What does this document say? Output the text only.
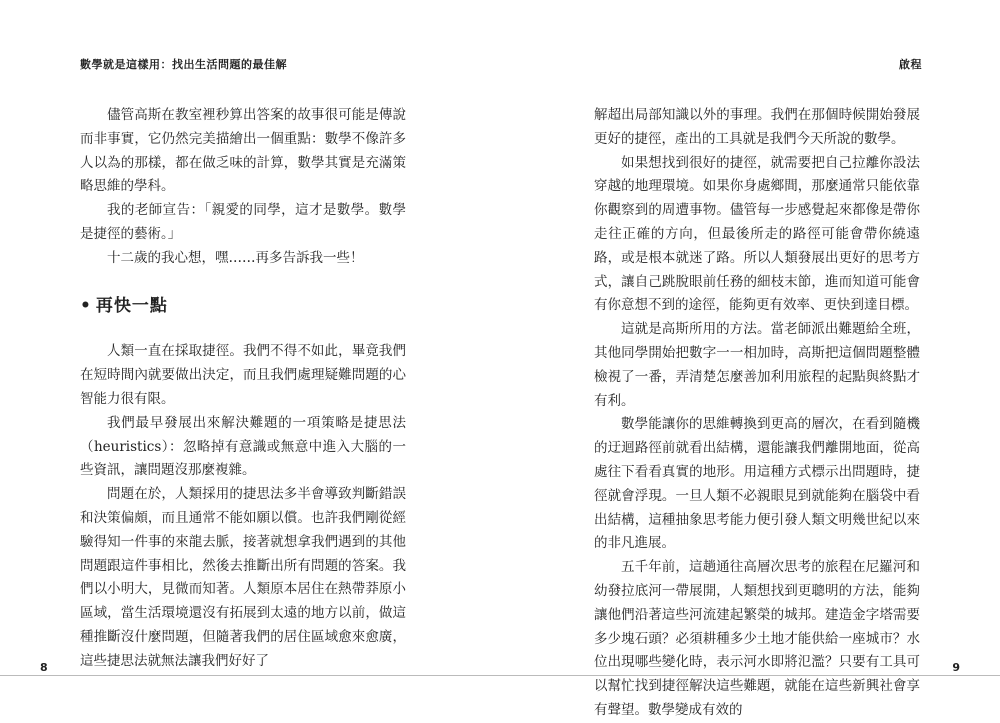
數學就是這樣用：找出生活問題的最佳解	啟程

儘管高斯在教室裡秒算出答案的故事很可能是傳說而非事實，它仍然完美描繪出一個重點：數學不像許多人以為的那樣，都在做乏味的計算，數學其實是充滿策略思維的學科。

我的老師宣告：「親愛的同學，這才是數學。數學是捷徑的藝術。」

十二歲的我心想，嘿……再多告訴我一些！

• 再快一點

人類一直在採取捷徑。我們不得不如此，畢竟我們在短時間內就要做出決定，而且我們處理疑難問題的心智能力很有限。

我們最早發展出來解決難題的一項策略是捷思法（heuristics）：忽略掉有意識或無意中進入大腦的一些資訊，讓問題沒那麼複雜。

問題在於，人類採用的捷思法多半會導致判斷錯誤和決策偏頗，而且通常不能如願以償。也許我們剛從經驗得知一件事的來龍去脈，接著就想拿我們遇到的其他問題跟這件事相比，然後去推斷出所有問題的答案。我們以小明大，見微而知著。人類原本居住在熱帶莽原小區域，當生活環境還沒有拓展到太遠的地方以前，做這種推斷沒什麼問題，但隨著我們的居住區域愈來愈廣，這些捷思法就無法讓我們好好了

解超出局部知識以外的事理。我們在那個時候開始發展更好的捷徑，產出的工具就是我們今天所說的數學。

如果想找到很好的捷徑，就需要把自己拉離你設法穿越的地理環境。如果你身處鄉間，那麼通常只能依靠你觀察到的周遭事物。儘管每一步感覺起來都像是帶你走往正確的方向，但最後所走的路徑可能會帶你繞遠路，或是根本就迷了路。所以人類發展出更好的思考方式，讓自己跳脫眼前任務的細枝末節，進而知道可能會有你意想不到的途徑，能夠更有效率、更快到達目標。

這就是高斯所用的方法。當老師派出難題給全班，其他同學開始把數字一一相加時，高斯把這個問題整體檢視了一番，弄清楚怎麼善加利用旅程的起點與終點才有利。

數學能讓你的思維轉換到更高的層次，在看到隨機的迂迴路徑前就看出結構，還能讓我們離開地面，從高處往下看看真實的地形。用這種方式標示出問題時，捷徑就會浮現。一旦人類不必親眼見到就能夠在腦袋中看出結構，這種抽象思考能力便引發人類文明幾世紀以來的非凡進展。

五千年前，這趟通往高層次思考的旅程在尼羅河和幼發拉底河一帶展開，人類想找到更聰明的方法，能夠讓他們沿著這些河流建起繁榮的城邦。建造金字塔需要多少塊石頭？必須耕種多少土地才能供給一座城市？水位出現哪些變化時，表示河水即將氾濫？只要有工具可以幫忙找到捷徑解決這些難題，就能在這些新興社會享有聲望。數學變成有效的

8	9
